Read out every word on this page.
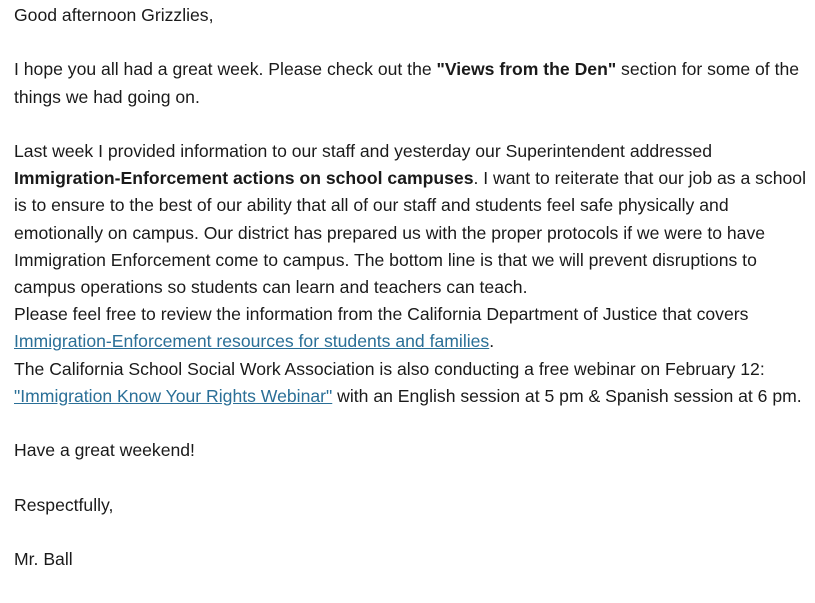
Good afternoon Grizzlies,

I hope you all had a great week. Please check out the "Views from the Den" section for some of the things we had going on.

Last week I provided information to our staff and yesterday our Superintendent addressed Immigration-Enforcement actions on school campuses. I want to reiterate that our job as a school is to ensure to the best of our ability that all of our staff and students feel safe physically and emotionally on campus. Our district has prepared us with the proper protocols if we were to have Immigration Enforcement come to campus. The bottom line is that we will prevent disruptions to campus operations so students can learn and teachers can teach.

Please feel free to review the information from the California Department of Justice that covers Immigration-Enforcement resources for students and families.

The California School Social Work Association is also conducting a free webinar on February 12: "Immigration Know Your Rights Webinar" with an English session at 5 pm & Spanish session at 6 pm.

Have a great weekend!

Respectfully,

Mr. Ball
